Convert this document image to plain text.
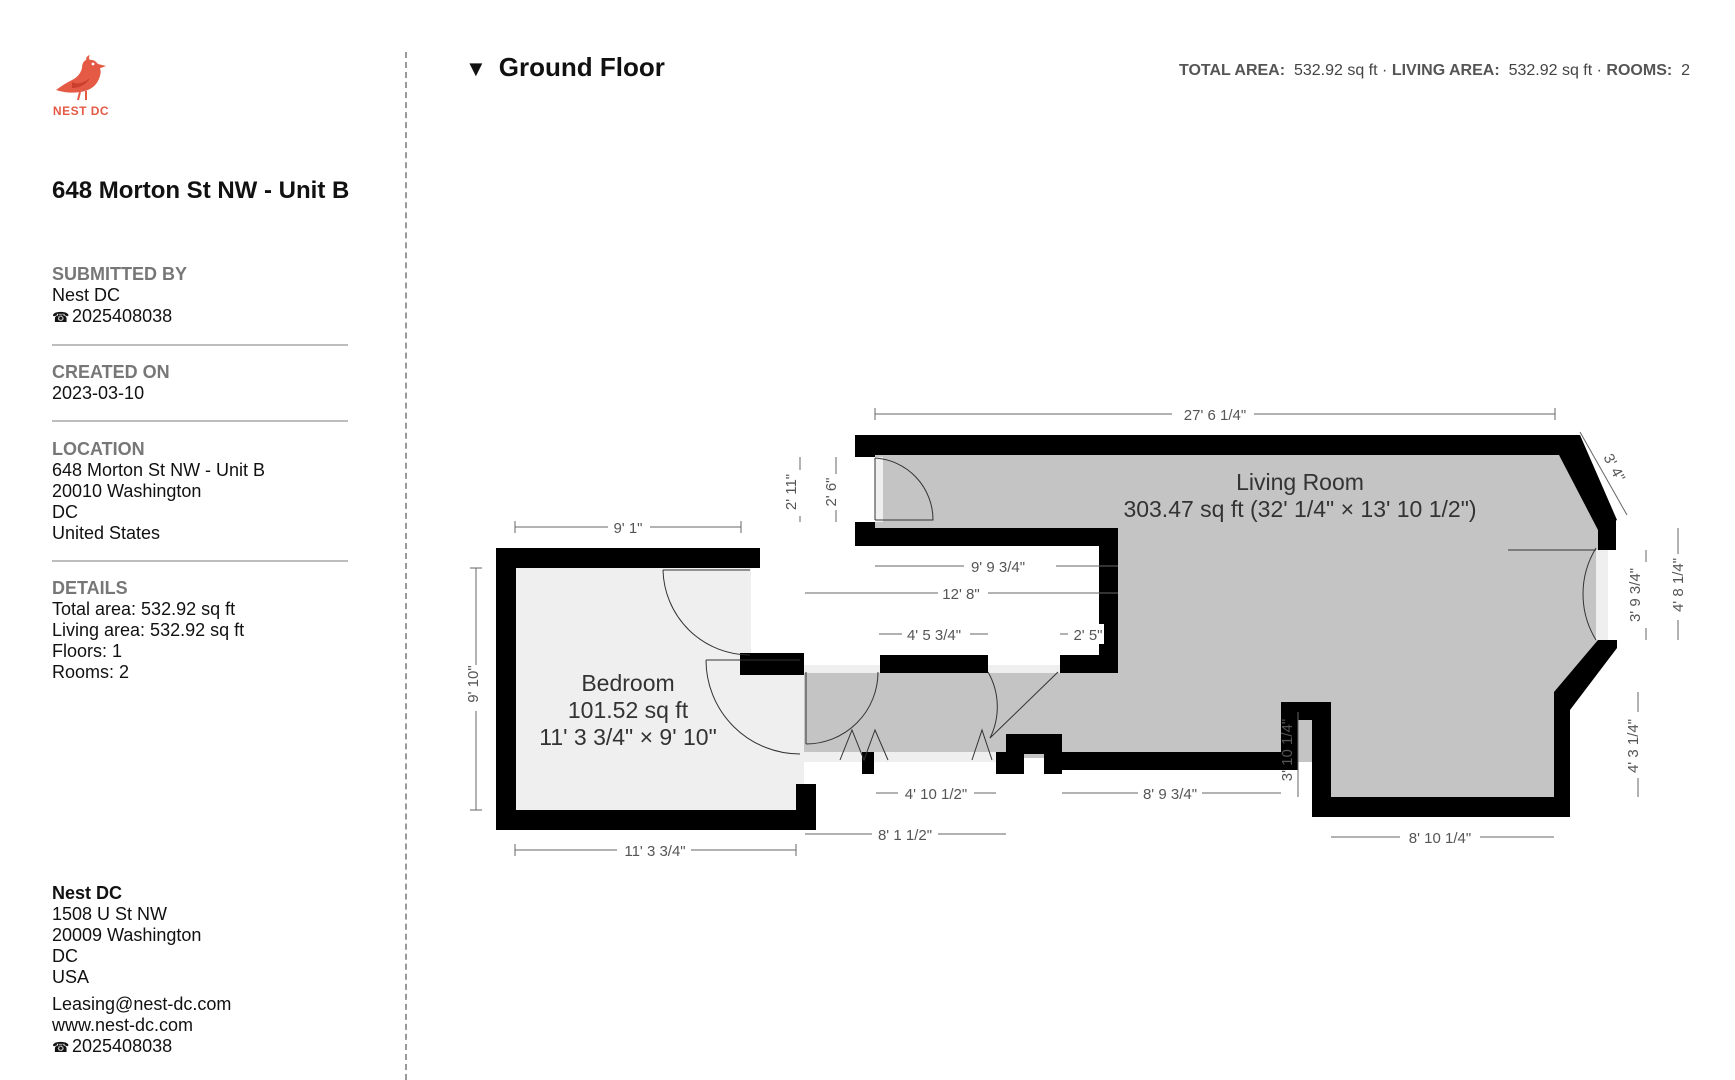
NEST DC
648 Morton St NW - Unit B
SUBMITTED BY
Nest DC
☎ 2025408038
CREATED ON
2023-03-10
LOCATION
648 Morton St NW - Unit B
20010 Washington
DC
United States
DETAILS
Total area: 532.92 sq ft
Living area: 532.92 sq ft
Floors: 1
Rooms: 2
Nest DC
1508 U St NW
20009 Washington
DC
USA
Leasing@nest-dc.com
www.nest-dc.com
☎ 2025408038
▼ Ground Floor	TOTAL AREA: 532.92 sq ft · LIVING AREA: 532.92 sq ft · ROOMS: 2
27' 6 1/4"
9' 1"
9' 10"
11' 3 3/4"
9' 9 3/4"
12' 8"
4' 5 3/4"	2' 5"
4' 10 1/2"
8' 1 1/2"
8' 9 3/4"
8' 10 1/4"
3' 10 1/4"
2' 11" 2' 6"
3' 9 3/4" 4' 8 1/4"
4' 3 1/4"
3' 4"
Living Room
303.47 sq ft (32' 1/4" × 13' 10 1/2")
Bedroom
101.52 sq ft
11' 3 3/4" × 9' 10"
